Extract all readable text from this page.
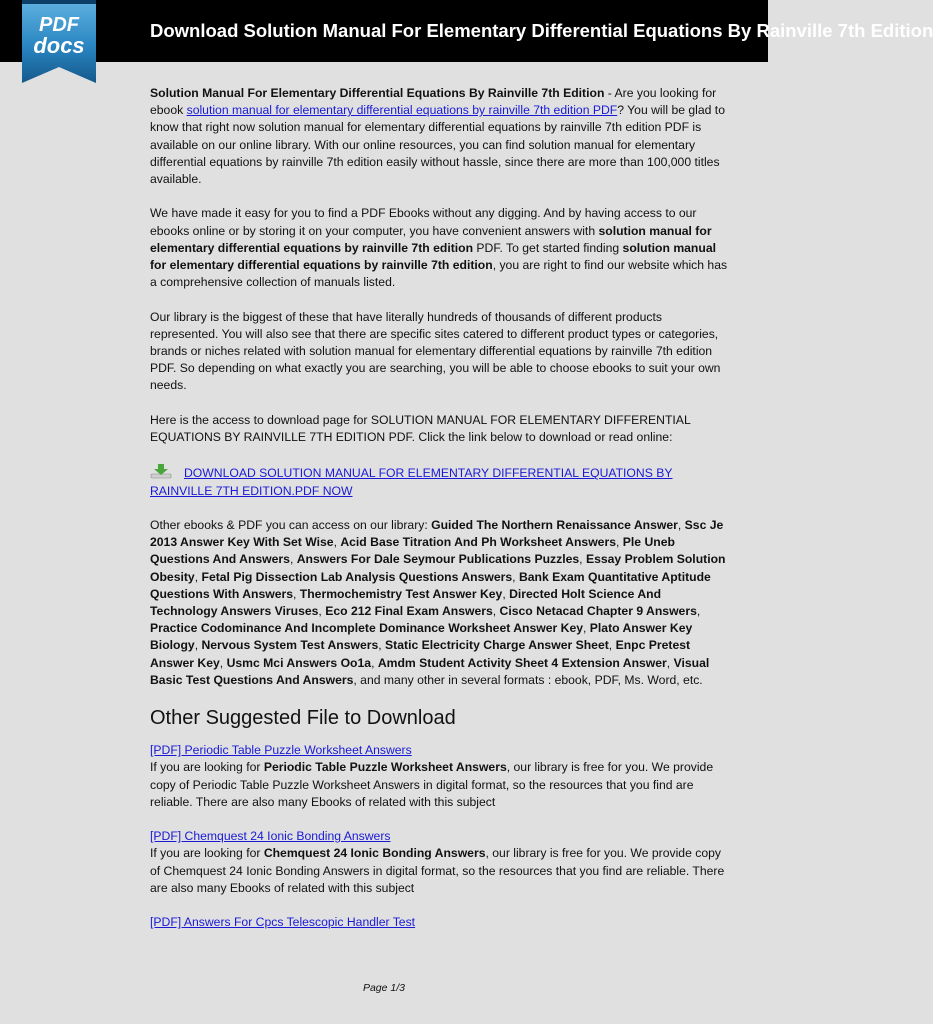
Download Solution Manual For Elementary Differential Equations By Rainville 7th Edition
PDF
docs

Solution Manual For Elementary Differential Equations By Rainville 7th Edition - Are you looking for ebook solution manual for elementary differential equations by rainville 7th edition PDF? You will be glad to know that right now solution manual for elementary differential equations by rainville 7th edition PDF is available on our online library. With our online resources, you can find solution manual for elementary differential equations by rainville 7th edition easily without hassle, since there are more than 100,000 titles available.

We have made it easy for you to find a PDF Ebooks without any digging. And by having access to our ebooks online or by storing it on your computer, you have convenient answers with solution manual for elementary differential equations by rainville 7th edition PDF. To get started finding solution manual for elementary differential equations by rainville 7th edition, you are right to find our website which has a comprehensive collection of manuals listed.

Our library is the biggest of these that have literally hundreds of thousands of different products represented. You will also see that there are specific sites catered to different product types or categories, brands or niches related with solution manual for elementary differential equations by rainville 7th edition PDF. So depending on what exactly you are searching, you will be able to choose ebooks to suit your own needs.

Here is the access to download page for SOLUTION MANUAL FOR ELEMENTARY DIFFERENTIAL EQUATIONS BY RAINVILLE 7TH EDITION PDF. Click the link below to download or read online:

DOWNLOAD SOLUTION MANUAL FOR ELEMENTARY DIFFERENTIAL EQUATIONS BY RAINVILLE 7TH EDITION.PDF NOW

Other ebooks & PDF you can access on our library: Guided The Northern Renaissance Answer, Ssc Je 2013 Answer Key With Set Wise, Acid Base Titration And Ph Worksheet Answers, Ple Uneb Questions And Answers, Answers For Dale Seymour Publications Puzzles, Essay Problem Solution Obesity, Fetal Pig Dissection Lab Analysis Questions Answers, Bank Exam Quantitative Aptitude Questions With Answers, Thermochemistry Test Answer Key, Directed Holt Science And Technology Answers Viruses, Eco 212 Final Exam Answers, Cisco Netacad Chapter 9 Answers, Practice Codominance And Incomplete Dominance Worksheet Answer Key, Plato Answer Key Biology, Nervous System Test Answers, Static Electricity Charge Answer Sheet, Enpc Pretest Answer Key, Usmc Mci Answers Oo1a, Amdm Student Activity Sheet 4 Extension Answer, Visual Basic Test Questions And Answers, and many other in several formats : ebook, PDF, Ms. Word, etc.

Other Suggested File to Download
[PDF] Periodic Table Puzzle Worksheet Answers
If you are looking for Periodic Table Puzzle Worksheet Answers, our library is free for you. We provide copy of Periodic Table Puzzle Worksheet Answers in digital format, so the resources that you find are reliable. There are also many Ebooks of related with this subject
[PDF] Chemquest 24 Ionic Bonding Answers
If you are looking for Chemquest 24 Ionic Bonding Answers, our library is free for you. We provide copy of Chemquest 24 Ionic Bonding Answers in digital format, so the resources that you find are reliable. There are also many Ebooks of related with this subject
[PDF] Answers For Cpcs Telescopic Handler Test
Page 1/3
